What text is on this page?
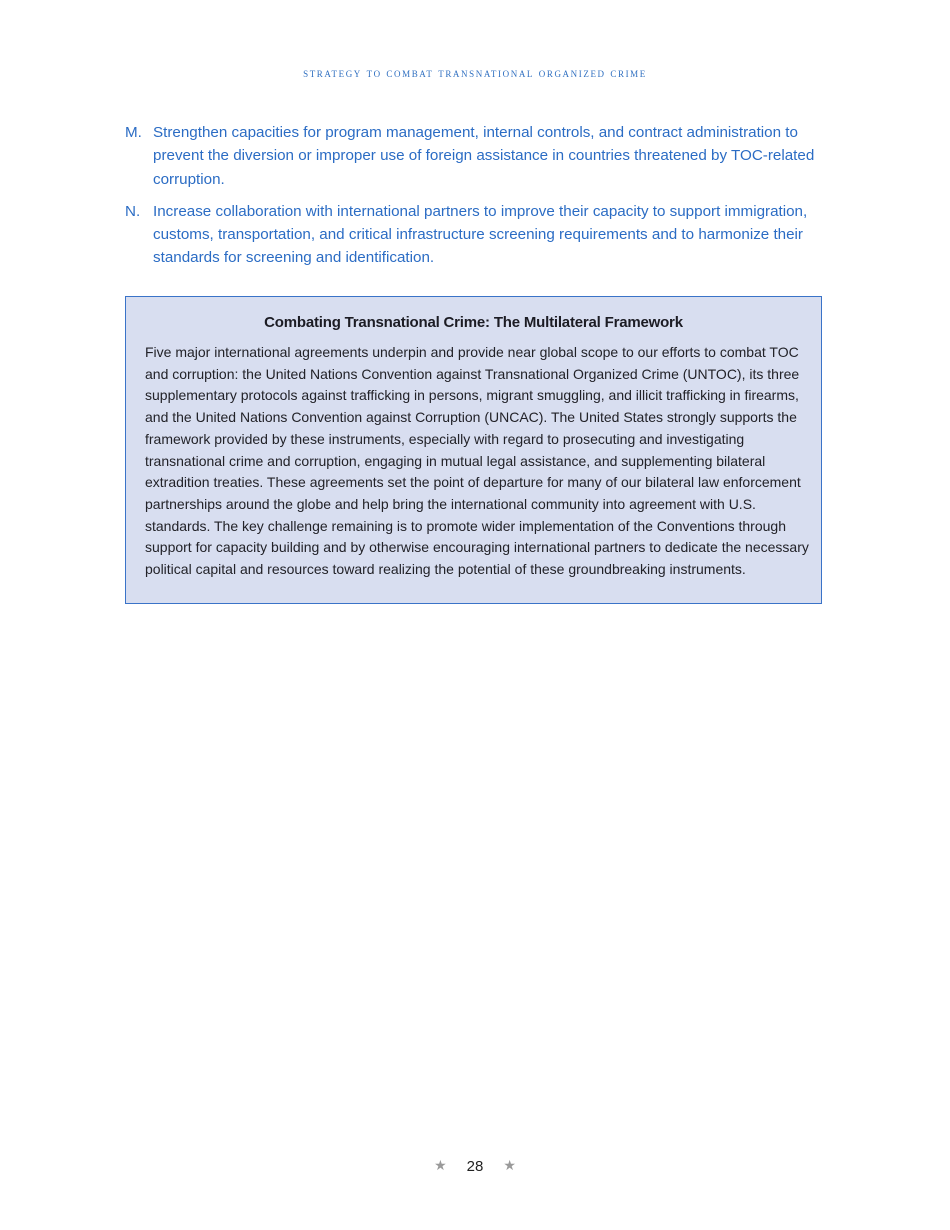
strategy to combat transnational organized crime
M. Strengthen capacities for program management, internal controls, and contract administration to prevent the diversion or improper use of foreign assistance in countries threatened by TOC-related corruption.
N. Increase collaboration with international partners to improve their capacity to support immigration, customs, transportation, and critical infrastructure screening requirements and to harmonize their standards for screening and identification.
Combating Transnational Crime: The Multilateral Framework
Five major international agreements underpin and provide near global scope to our efforts to combat TOC and corruption: the United Nations Convention against Transnational Organized Crime (UNTOC), its three supplementary protocols against trafficking in persons, migrant smuggling, and illicit trafficking in firearms, and the United Nations Convention against Corruption (UNCAC). The United States strongly supports the framework provided by these instruments, especially with regard to prosecuting and investigating transnational crime and corruption, engaging in mutual legal assistance, and supplementing bilateral extradition treaties. These agreements set the point of departure for many of our bilateral law enforcement partnerships around the globe and help bring the international community into agreement with U.S. standards. The key challenge remaining is to promote wider implementation of the Conventions through support for capacity building and by otherwise encouraging international partners to dedicate the necessary political capital and resources toward realizing the potential of these groundbreaking instruments.
★ 28 ★
